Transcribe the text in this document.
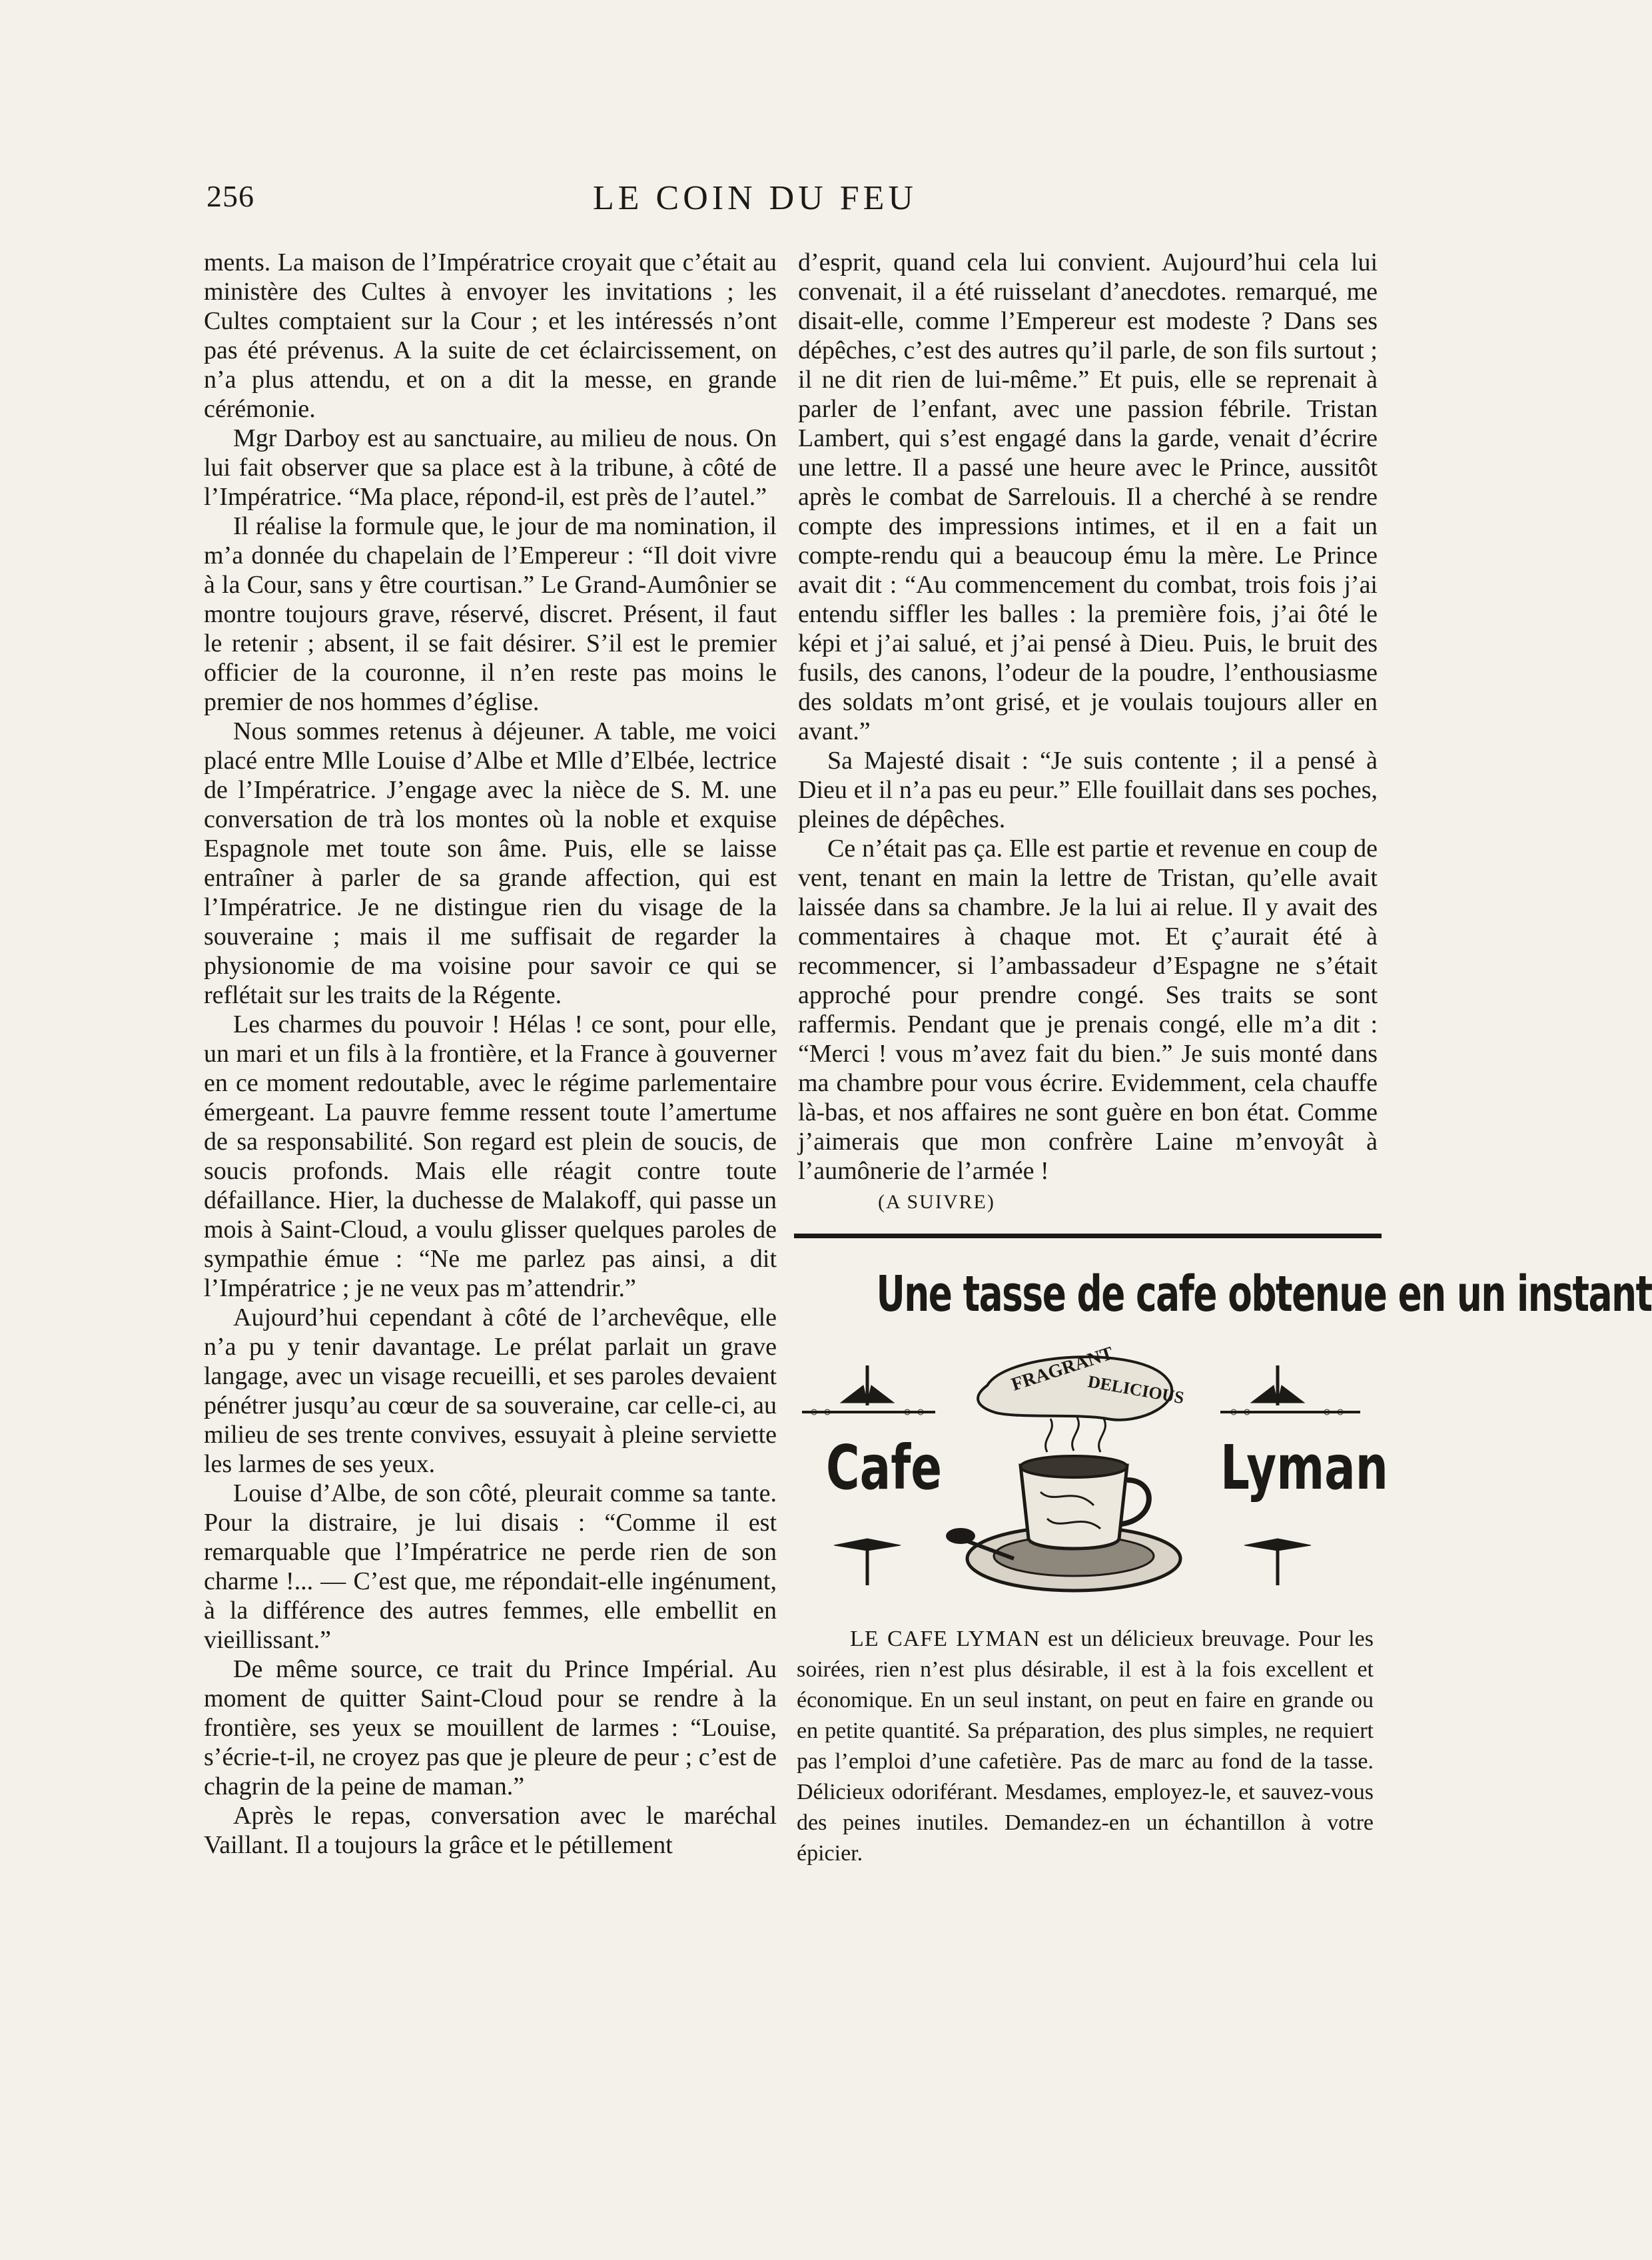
256	LE COIN DU FEU

ments. La maison de l’Impératrice croyait que c’était au ministère des Cultes à envoyer les invitations ; les Cultes comptaient sur la Cour ; et les intéressés n’ont pas été prévenus. A la suite de cet éclaircissement, on n’a plus attendu, et on a dit la messe, en grande cérémonie.

Mgr Darboy est au sanctuaire, au milieu de nous. On lui fait observer que sa place est à la tribune, à côté de l’Impératrice. “Ma place, répond-il, est près de l’autel.”

Il réalise la formule que, le jour de ma nomination, il m’a donnée du chapelain de l’Empereur : “Il doit vivre à la Cour, sans y être courtisan.” Le Grand-Aumônier se montre toujours grave, réservé, discret. Présent, il faut le retenir ; absent, il se fait désirer. S’il est le premier officier de la couronne, il n’en reste pas moins le premier de nos hommes d’église.

Nous sommes retenus à déjeuner. A table, me voici placé entre Mlle Louise d’Albe et Mlle d’Elbée, lectrice de l’Impératrice. J’engage avec la nièce de S. M. une conversation de trà los montes où la noble et exquise Espagnole met toute son âme. Puis, elle se laisse entraîner à parler de sa grande affection, qui est l’Impératrice. Je ne distingue rien du visage de la souveraine ; mais il me suffisait de regarder la physionomie de ma voisine pour savoir ce qui se reflétait sur les traits de la Régente.

Les charmes du pouvoir ! Hélas ! ce sont, pour elle, un mari et un fils à la frontière, et la France à gouverner en ce moment redoutable, avec le régime parlementaire émergeant. La pauvre femme ressent toute l’amertume de sa responsabilité. Son regard est plein de soucis, de soucis profonds. Mais elle réagit contre toute défaillance. Hier, la duchesse de Malakoff, qui passe un mois à Saint-Cloud, a voulu glisser quelques paroles de sympathie émue : “Ne me parlez pas ainsi, a dit l’Impératrice ; je ne veux pas m’attendrir.”

Aujourd’hui cependant à côté de l’archevêque, elle n’a pu y tenir davantage. Le prélat parlait un grave langage, avec un visage recueilli, et ses paroles devaient pénétrer jusqu’au cœur de sa souveraine, car celle-ci, au milieu de ses trente convives, essuyait à pleine serviette les larmes de ses yeux.

Louise d’Albe, de son côté, pleurait comme sa tante. Pour la distraire, je lui disais : “Comme il est remarquable que l’Impératrice ne perde rien de son charme !... — C’est que, me répondait-elle ingénument, à la différence des autres femmes, elle embellit en vieillissant.”

De même source, ce trait du Prince Impérial. Au moment de quitter Saint-Cloud pour se rendre à la frontière, ses yeux se mouillent de larmes : “Louise, s’écrie-t-il, ne croyez pas que je pleure de peur ; c’est de chagrin de la peine de maman.”

Après le repas, conversation avec le maréchal Vaillant. Il a toujours la grâce et le pétillement

d’esprit, quand cela lui convient. Aujourd’hui cela lui convenait, il a été ruisselant d’anecdotes. remarqué, me disait-elle, comme l’Empereur est modeste ? Dans ses dépêches, c’est des autres qu’il parle, de son fils surtout ; il ne dit rien de lui-même.” Et puis, elle se reprenait à parler de l’enfant, avec une passion fébrile. Tristan Lambert, qui s’est engagé dans la garde, venait d’écrire une lettre. Il a passé une heure avec le Prince, aussitôt après le combat de Sarrelouis. Il a cherché à se rendre compte des impressions intimes, et il en a fait un compte-rendu qui a beaucoup ému la mère. Le Prince avait dit : “Au commencement du combat, trois fois j’ai entendu siffler les balles : la première fois, j’ai ôté le képi et j’ai salué, et j’ai pensé à Dieu. Puis, le bruit des fusils, des canons, l’odeur de la poudre, l’enthousiasme des soldats m’ont grisé, et je voulais toujours aller en avant.”

Sa Majesté disait : “Je suis contente ; il a pensé à Dieu et il n’a pas eu peur.” Elle fouillait dans ses poches, pleines de dépêches.

Ce n’était pas ça. Elle est partie et revenue en coup de vent, tenant en main la lettre de Tristan, qu’elle avait laissée dans sa chambre. Je la lui ai relue. Il y avait des commentaires à chaque mot. Et ç’aurait été à recommencer, si l’ambassadeur d’Espagne ne s’était approché pour prendre congé. Ses traits se sont raffermis. Pendant que je prenais congé, elle m’a dit : “Merci ! vous m’avez fait du bien.” Je suis monté dans ma chambre pour vous écrire. Evidemment, cela chauffe là-bas, et nos affaires ne sont guère en bon état. Comme j’aimerais que mon confrère Laine m’envoyât à l’aumônerie de l’armée !

(A SUIVRE)

Une tasse de cafe obtenue en un instant
FRAGRANT
DELICIOUS
Cafe	Lyman

LE CAFE LYMAN est un délicieux breuvage. Pour les soirées, rien n’est plus désirable, il est à la fois excellent et économique. En un seul instant, on peut en faire en grande ou en petite quantité. Sa préparation, des plus simples, ne requiert pas l’emploi d’une cafetière. Pas de marc au fond de la tasse. Délicieux odoriférant. Mesdames, employez-le, et sauvez-vous des peines inutiles. Demandez-en un échantillon à votre épicier.
